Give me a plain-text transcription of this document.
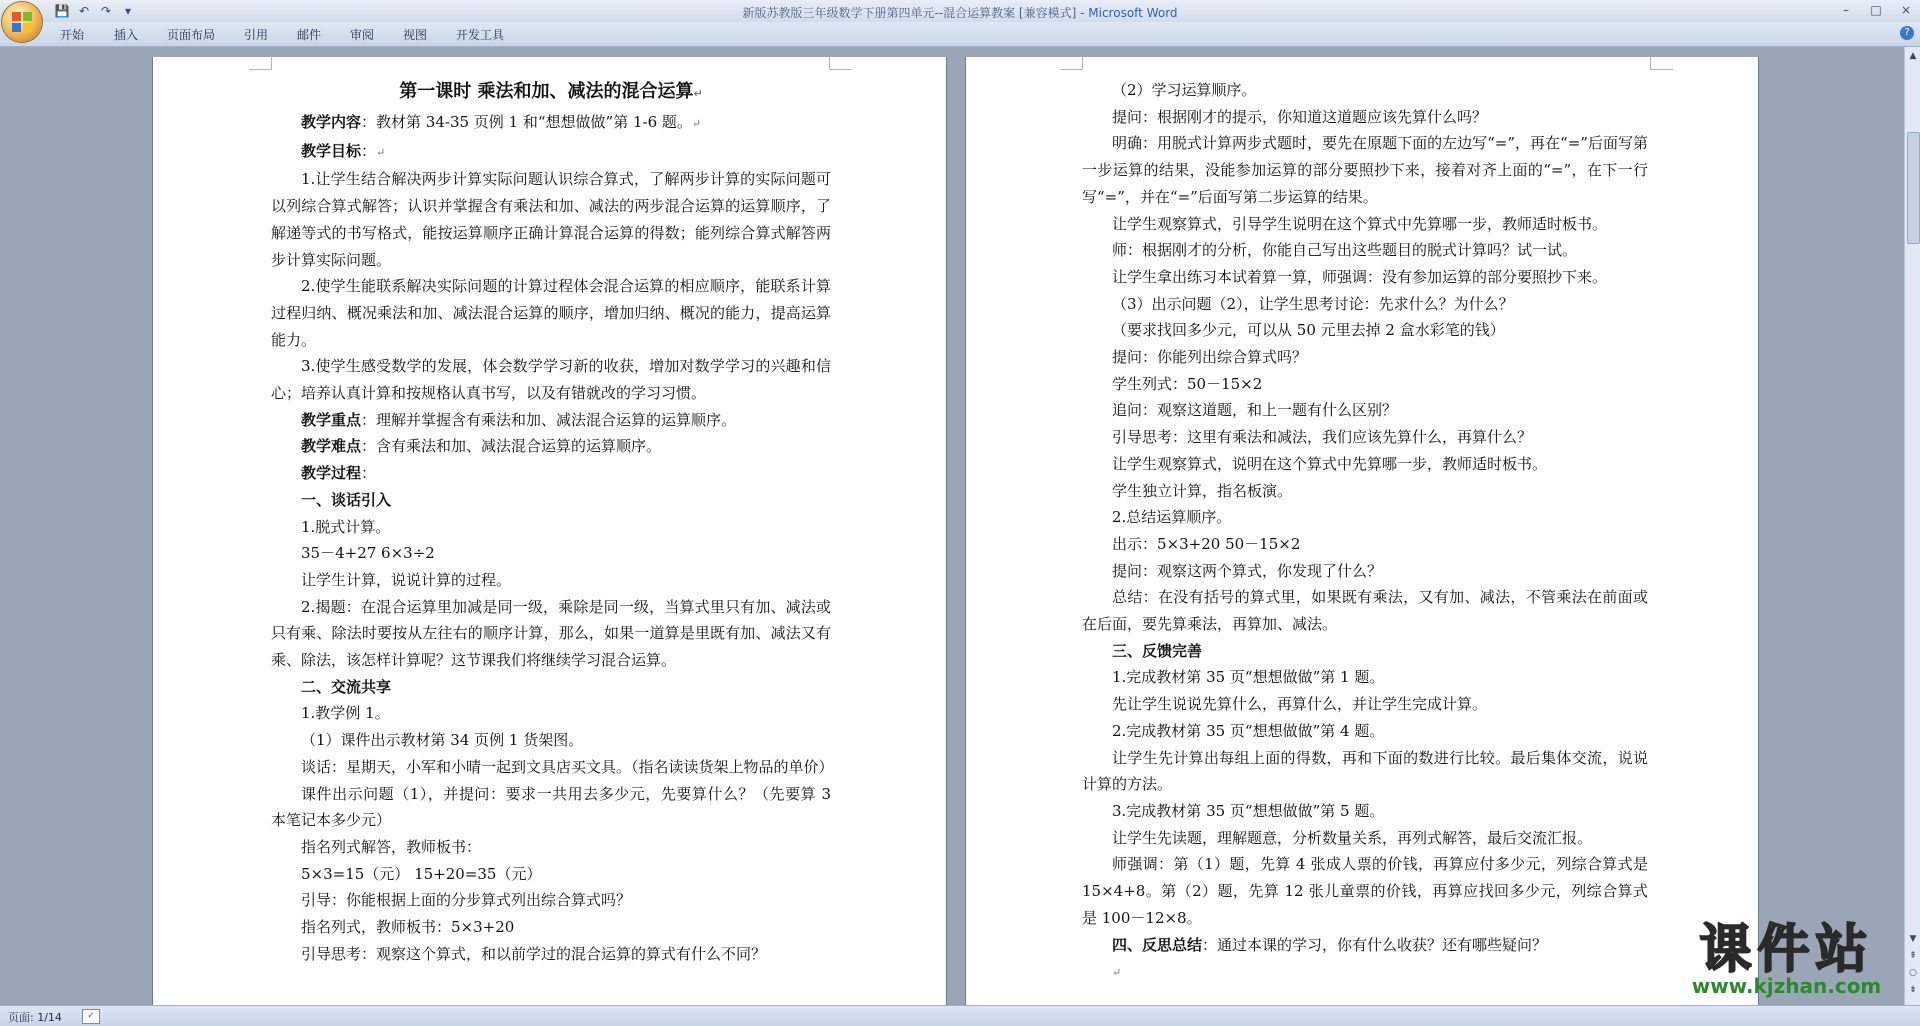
新版苏教版三年级数学下册第四单元--混合运算教案 [兼容模式] - Microsoft Word
💾 ↶ ↷	▾	–	□	×
开始 插入 页面布局 引用 邮件 审阅 视图 开发工具	?

第一课时 乘法和加、减法的混合运算↵

教学内容：教材第 34-35 页例 1 和“想想做做”第 1-6 题。↵

教学目标：↵

1.让学生结合解决两步计算实际问题认识综合算式，了解两步计算的实际问题可以列综合算式解答；认识并掌握含有乘法和加、减法的两步混合运算的运算顺序，了解递等式的书写格式，能按运算顺序正确计算混合运算的得数；能列综合算式解答两步计算实际问题。

2.使学生能联系解决实际问题的计算过程体会混合运算的相应顺序，能联系计算过程归纳、概况乘法和加、减法混合运算的顺序，增加归纳、概况的能力，提高运算能力。

3.使学生感受数学的发展，体会数学学习新的收获，增加对数学学习的兴趣和信心；培养认真计算和按规格认真书写，以及有错就改的学习习惯。

教学重点：理解并掌握含有乘法和加、减法混合运算的运算顺序。

教学难点：含有乘法和加、减法混合运算的运算顺序。

教学过程：

一、谈话引入

1.脱式计算。

35－4+27 6×3÷2

让学生计算，说说计算的过程。

2.揭题：在混合运算里加减是同一级，乘除是同一级，当算式里只有加、减法或只有乘、除法时要按从左往右的顺序计算，那么，如果一道算是里既有加、减法又有乘、除法，该怎样计算呢？这节课我们将继续学习混合运算。

二、交流共享

1.教学例 1。

（1）课件出示教材第 34 页例 1 货架图。

谈话：星期天，小军和小晴一起到文具店买文具。（指名读读货架上物品的单价）

课件出示问题（1），并提问：要求一共用去多少元，先要算什么？（先要算 3 本笔记本多少元）

指名列式解答，教师板书：

5×3=15（元） 15+20=35（元）

引导：你能根据上面的分步算式列出综合算式吗？

指名列式，教师板书：5×3+20

引导思考：观察这个算式，和以前学过的混合运算的算式有什么不同？

（2）学习运算顺序。

提问：根据刚才的提示，你知道这道题应该先算什么吗？

明确：用脱式计算两步式题时，要先在原题下面的左边写“=”，再在“=”后面写第一步运算的结果，没能参加运算的部分要照抄下来，接着对齐上面的“=”，在下一行写“=”，并在“=”后面写第二步运算的结果。

让学生观察算式，引导学生说明在这个算式中先算哪一步，教师适时板书。

师：根据刚才的分析，你能自己写出这些题目的脱式计算吗？试一试。

让学生拿出练习本试着算一算，师强调：没有参加运算的部分要照抄下来。

（3）出示问题（2），让学生思考讨论：先求什么？为什么？

（要求找回多少元，可以从 50 元里去掉 2 盒水彩笔的钱）

提问：你能列出综合算式吗？

学生列式：50－15×2

追问：观察这道题，和上一题有什么区别？

引导思考：这里有乘法和减法，我们应该先算什么，再算什么？

让学生观察算式，说明在这个算式中先算哪一步，教师适时板书。

学生独立计算，指名板演。

2.总结运算顺序。

出示：5×3+20 50－15×2

提问：观察这两个算式，你发现了什么？

总结：在没有括号的算式里，如果既有乘法，又有加、减法，不管乘法在前面或在后面，要先算乘法，再算加、减法。

三、反馈完善

1.完成教材第 35 页“想想做做”第 1 题。

先让学生说说先算什么，再算什么，并让学生完成计算。

2.完成教材第 35 页“想想做做”第 4 题。

让学生先计算出每组上面的得数，再和下面的数进行比较。最后集体交流，说说计算的方法。

3.完成教材第 35 页“想想做做”第 5 题。

让学生先读题，理解题意，分析数量关系，再列式解答，最后交流汇报。

师强调：第（1）题，先算 4 张成人票的价钱，再算应付多少元，列综合算式是 15×4+8。第（2）题，先算 12 张儿童票的价钱，再算应找回多少元，列综合算式是 100－12×8。

四、反思总结：通过本课的学习，你有什么收获？还有哪些疑问？

↵

▲
▼
⇞
○
⇟
页面: 1/14	✓
课件站
www.kjzhan.com
